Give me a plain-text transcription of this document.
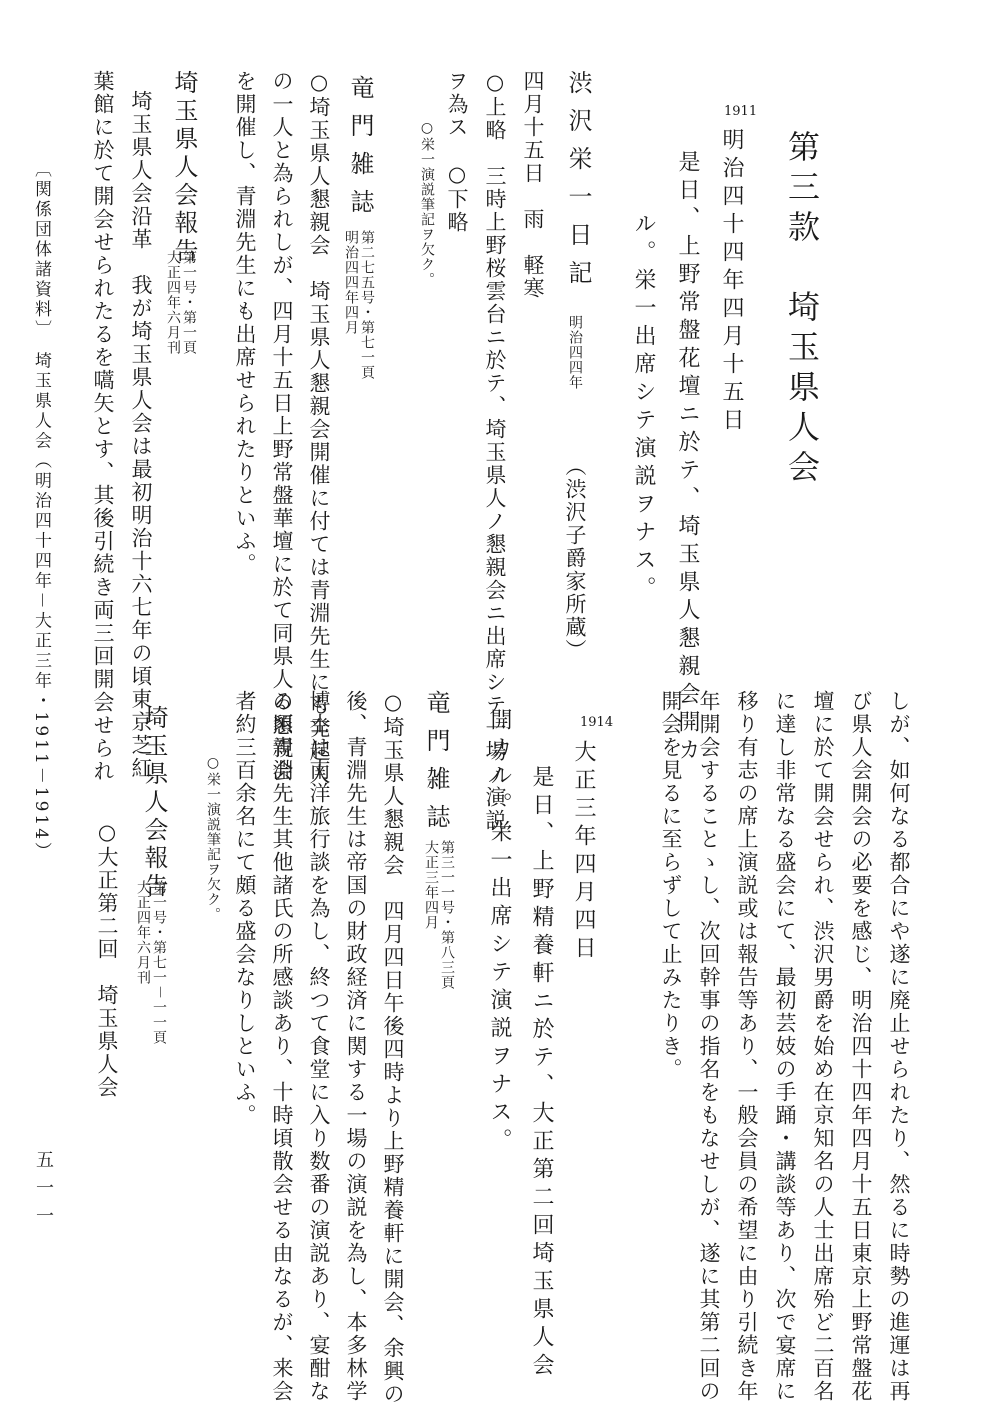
第三款　埼玉県人会
1911
明治四十四年四月十五日
是日、上野常盤花壇ニ於テ、埼玉県人懇親会開カ
ル。栄一出席シテ演説ヲナス。
渋沢栄一日記
明治四四年
（渋沢子爵家所蔵）
四月十五日　雨　軽寒
○上略　三時上野桜雲台ニ於テ、埼玉県人ノ懇親会ニ出席シテ一場ノ演説
ヲ為ス　○下略
○栄一演説筆記ヲ欠ク。
竜門雑誌
第二七五号・第七一頁
明治四四年四月
○埼玉県人懇親会　埼玉県人懇親会開催に付ては青淵先生にも発起人
の一人と為られしが、四月十五日上野常盤華壇に於て同県人の懇親会
を開催し、青淵先生にも出席せられたりといふ。
埼玉県人会報告
第一号・第一頁
大正四年六月刊
埼玉県人会沿革　我が埼玉県人会は最初明治十六七年の頃東京芝紅
葉館に於て開会せられたるを嚆矢とす、其後引続き両三回開会せられ
しが、如何なる都合にや遂に廃止せられたり、然るに時勢の進運は再
び県人会開会の必要を感じ、明治四十四年四月十五日東京上野常盤花
壇に於て開会せられ、渋沢男爵を始め在京知名の人士出席殆ど二百名
に達し非常なる盛会にて、最初芸妓の手踊・講談等あり、次で宴席に
移り有志の席上演説或は報告等あり、一般会員の希望に由り引続き年
年開会することゝし、次回幹事の指名をもなせしが、遂に其第二回の
開会を見るに至らずして止みたりき。
1914
大正三年四月四日
是日、上野精養軒ニ於テ、大正第二回埼玉県人会
開カル。栄一出席シテ演説ヲナス。
竜門雑誌
第三一一号・第八三頁
大正三年四月
○埼玉県人懇親会　四月四日午後四時より上野精養軒に開会、余興の
後、青淵先生は帝国の財政経済に関する一場の演説を為し、本多林学
博士は南洋旅行談を為し、終つて食堂に入り数番の演説あり、宴酣な
る頃青淵先生其他諸氏の所感談あり、十時頃散会せる由なるが、来会
者約三百余名にて頗る盛会なりしといふ。
○栄一演説筆記ヲ欠ク。
埼玉県人会報告
第一号・第七一－一一頁
大正四年六月刊
○大正第二回　埼玉県人会
〔関係団体諸資料〕　埼玉県人会（明治四十四年－大正三年・1911－1914）
五一一
